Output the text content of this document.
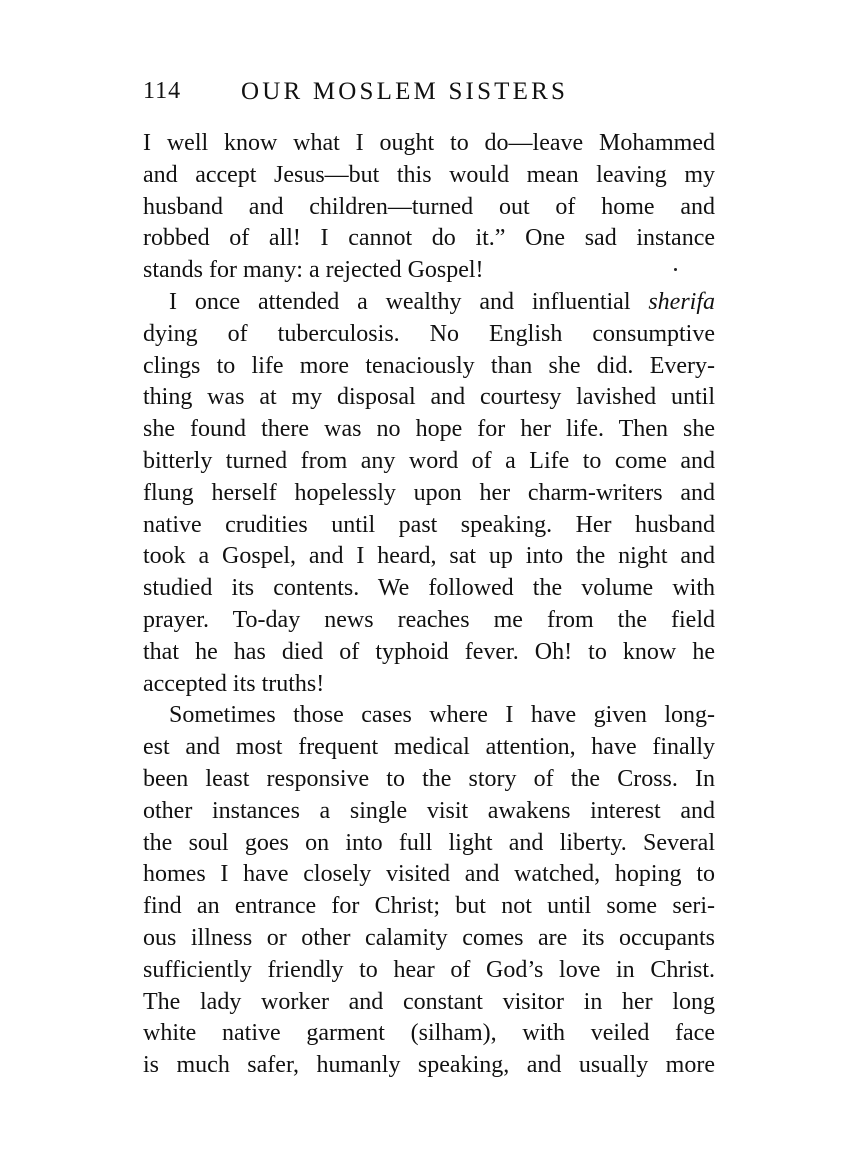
114 OUR MOSLEM SISTERS
I well know what I ought to do—leave Mohammed
and accept Jesus—but this would mean leaving my
husband and children—turned out of home and
robbed of all! I cannot do it.” One sad instance
stands for many: a rejected Gospel!
I once attended a wealthy and influential sherifa
dying of tuberculosis. No English consumptive
clings to life more tenaciously than she did. Every-
thing was at my disposal and courtesy lavished until
she found there was no hope for her life. Then she
bitterly turned from any word of a Life to come and
flung herself hopelessly upon her charm-writers and
native crudities until past speaking. Her husband
took a Gospel, and I heard, sat up into the night and
studied its contents. We followed the volume with
prayer. To-day news reaches me from the field
that he has died of typhoid fever. Oh! to know he
accepted its truths!
Sometimes those cases where I have given long-
est and most frequent medical attention, have finally
been least responsive to the story of the Cross. In
other instances a single visit awakens interest and
the soul goes on into full light and liberty. Several
homes I have closely visited and watched, hoping to
find an entrance for Christ; but not until some seri-
ous illness or other calamity comes are its occupants
sufficiently friendly to hear of God’s love in Christ.
The lady worker and constant visitor in her long
white native garment (silham), with veiled face
is much safer, humanly speaking, and usually more
